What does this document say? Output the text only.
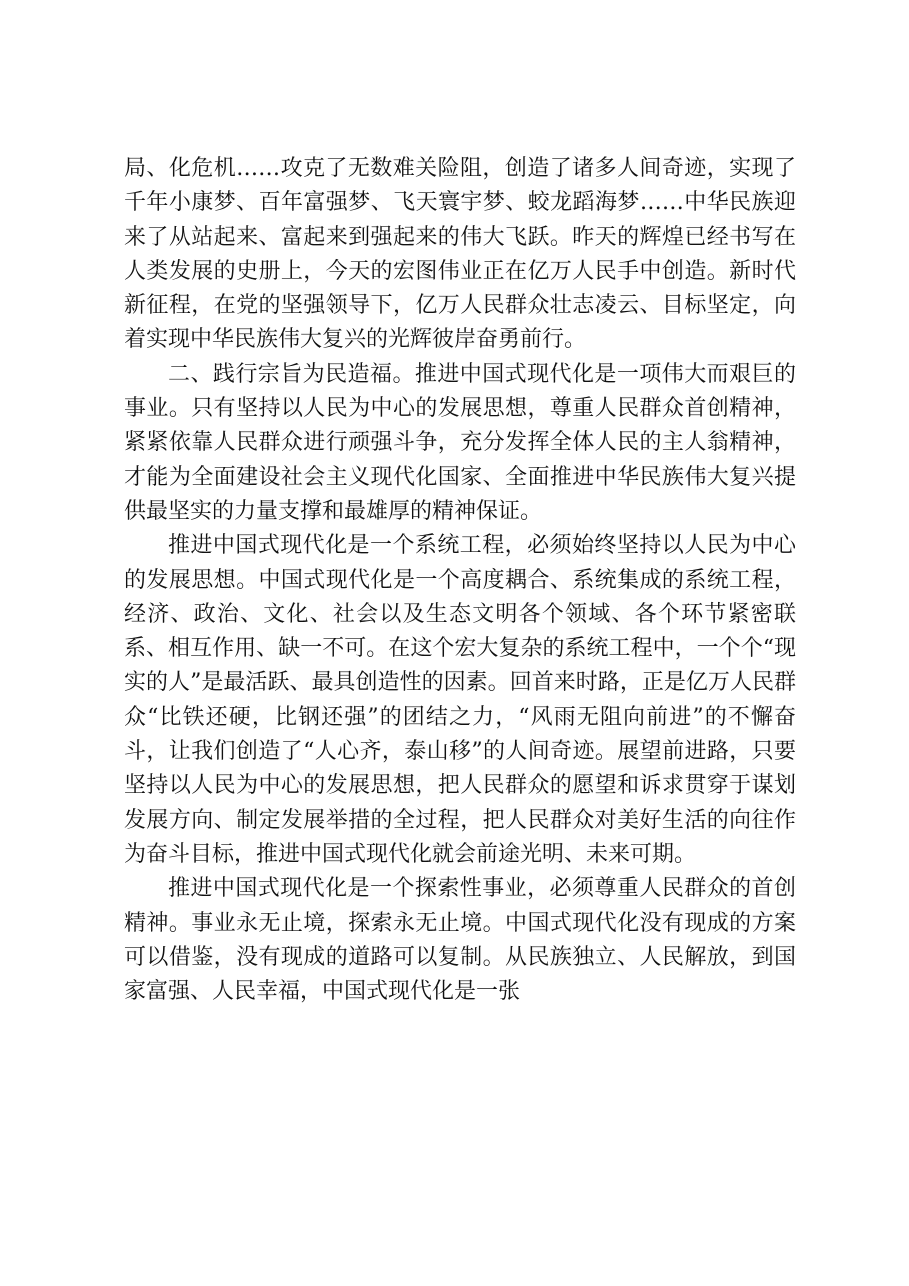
局、化危机……攻克了无数难关险阻，创造了诸多人间奇迹，实现了千年小康梦、百年富强梦、飞天寰宇梦、蛟龙蹈海梦……中华民族迎来了从站起来、富起来到强起来的伟大飞跃。昨天的辉煌已经书写在人类发展的史册上，今天的宏图伟业正在亿万人民手中创造。新时代新征程，在党的坚强领导下，亿万人民群众壮志凌云、目标坚定，向着实现中华民族伟大复兴的光辉彼岸奋勇前行。

二、践行宗旨为民造福。推进中国式现代化是一项伟大而艰巨的事业。只有坚持以人民为中心的发展思想，尊重人民群众首创精神，紧紧依靠人民群众进行顽强斗争，充分发挥全体人民的主人翁精神，才能为全面建设社会主义现代化国家、全面推进中华民族伟大复兴提供最坚实的力量支撑和最雄厚的精神保证。

推进中国式现代化是一个系统工程，必须始终坚持以人民为中心的发展思想。中国式现代化是一个高度耦合、系统集成的系统工程，经济、政治、文化、社会以及生态文明各个领域、各个环节紧密联系、相互作用、缺一不可。在这个宏大复杂的系统工程中，一个个“现实的人”是最活跃、最具创造性的因素。回首来时路，正是亿万人民群众“比铁还硬，比钢还强”的团结之力，“风雨无阻向前进”的不懈奋斗，让我们创造了“人心齐，泰山移”的人间奇迹。展望前进路，只要坚持以人民为中心的发展思想，把人民群众的愿望和诉求贯穿于谋划发展方向、制定发展举措的全过程，把人民群众对美好生活的向往作为奋斗目标，推进中国式现代化就会前途光明、未来可期。

推进中国式现代化是一个探索性事业，必须尊重人民群众的首创精神。事业永无止境，探索永无止境。中国式现代化没有现成的方案可以借鉴，没有现成的道路可以复制。从民族独立、人民解放，到国家富强、人民幸福，中国式现代化是一张
